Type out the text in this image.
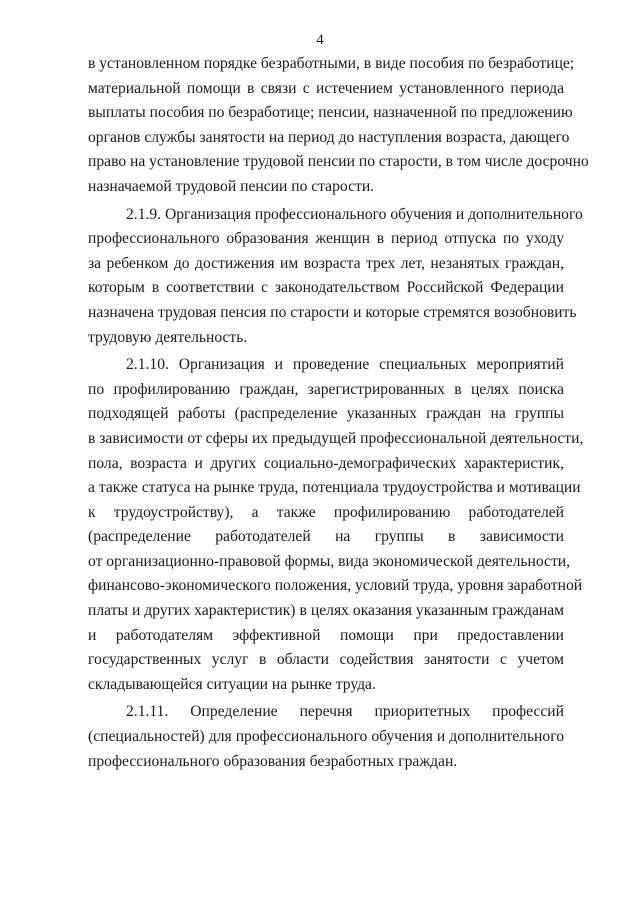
4
в установленном порядке безработными, в виде пособия по безработице;
материальной помощи в связи с истечением установленного периода
выплаты пособия по безработице; пенсии, назначенной по предложению
органов службы занятости на период до наступления возраста, дающего
право на установление трудовой пенсии по старости, в том числе досрочно
назначаемой трудовой пенсии по старости.
2.1.9. Организация профессионального обучения и дополнительного
профессионального образования женщин в период отпуска по уходу
за ребенком до достижения им возраста трех лет, незанятых граждан,
которым в соответствии с законодательством Российской Федерации
назначена трудовая пенсия по старости и которые стремятся возобновить
трудовую деятельность.
2.1.10. Организация и проведение специальных мероприятий
по профилированию граждан, зарегистрированных в целях поиска
подходящей работы (распределение указанных граждан на группы
в зависимости от сферы их предыдущей профессиональной деятельности,
пола, возраста и других социально-демографических характеристик,
а также статуса на рынке труда, потенциала трудоустройства и мотивации
к трудоустройству), а также профилированию работодателей
(распределение работодателей на группы в зависимости
от организационно-правовой формы, вида экономической деятельности,
финансово-экономического положения, условий труда, уровня заработной
платы и других характеристик) в целях оказания указанным гражданам
и работодателям эффективной помощи при предоставлении
государственных услуг в области содействия занятости с учетом
складывающейся ситуации на рынке труда.
2.1.11. Определение перечня приоритетных профессий
(специальностей) для профессионального обучения и дополнительного
профессионального образования безработных граждан.
